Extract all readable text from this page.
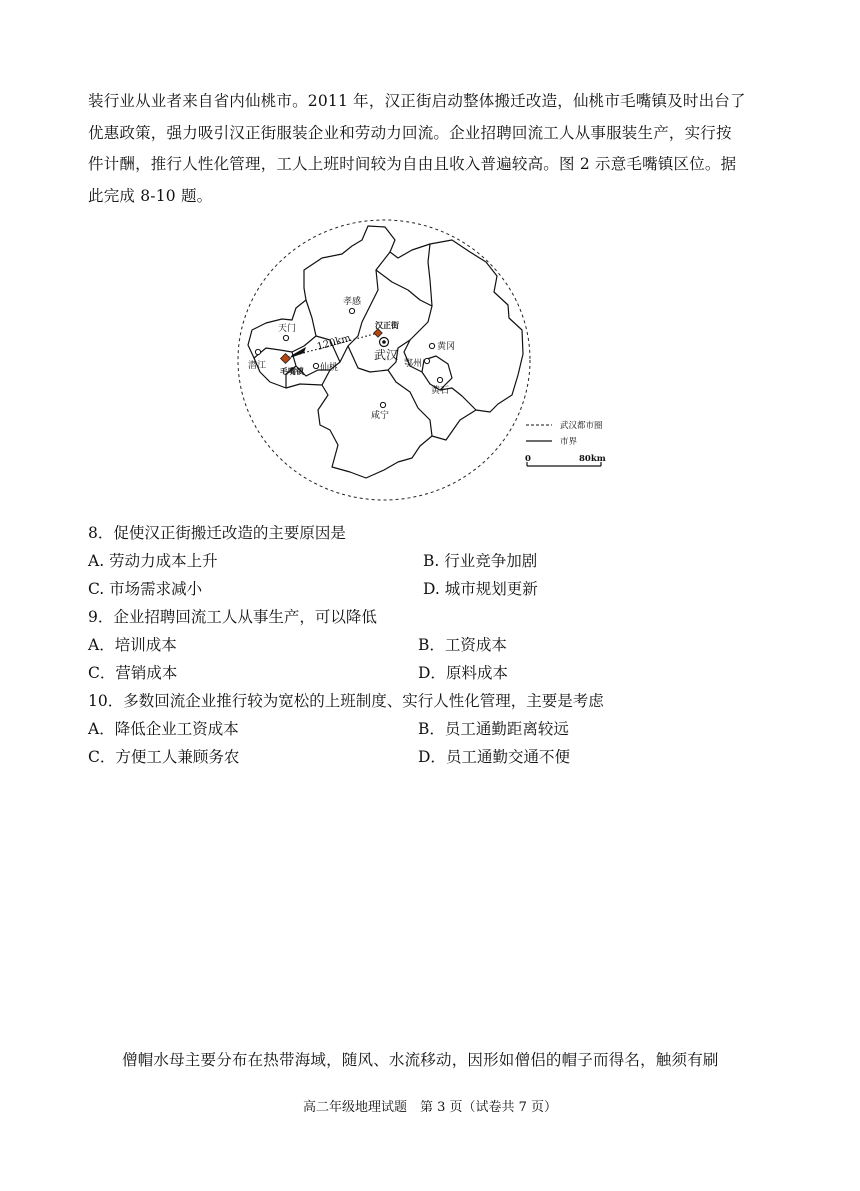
装行业从业者来自省内仙桃市。2011 年，汉正街启动整体搬迁改造，仙桃市毛嘴镇及时出台了
优惠政策，强力吸引汉正街服装企业和劳动力回流。企业招聘回流工人从事服装生产，实行按
件计酬，推行人性化管理，工人上班时间较为自由且收入普遍较高。图 2 示意毛嘴镇区位。据
此完成 8-10 题。
120km
孝感
天门
潜江 毛嘴镇 仙桃
汉正街
武汉
黄冈
鄂州
黄石
咸宁
武汉都市圈
市界
0	80km
8．促使汉正街搬迁改造的主要原因是
A. 劳动力成本上升	B. 行业竞争加剧
C. 市场需求减小	D. 城市规划更新
9．企业招聘回流工人从事生产，可以降低
A．培训成本	B．工资成本
C．营销成本	D．原料成本
10．多数回流企业推行较为宽松的上班制度、实行人性化管理，主要是考虑
A．降低企业工资成本	B．员工通勤距离较远
C．方便工人兼顾务农	D．员工通勤交通不便
僧帽水母主要分布在热带海域，随风、水流移动，因形如僧侣的帽子而得名，触须有刷
高二年级地理试题　第 3 页（试卷共 7 页）
